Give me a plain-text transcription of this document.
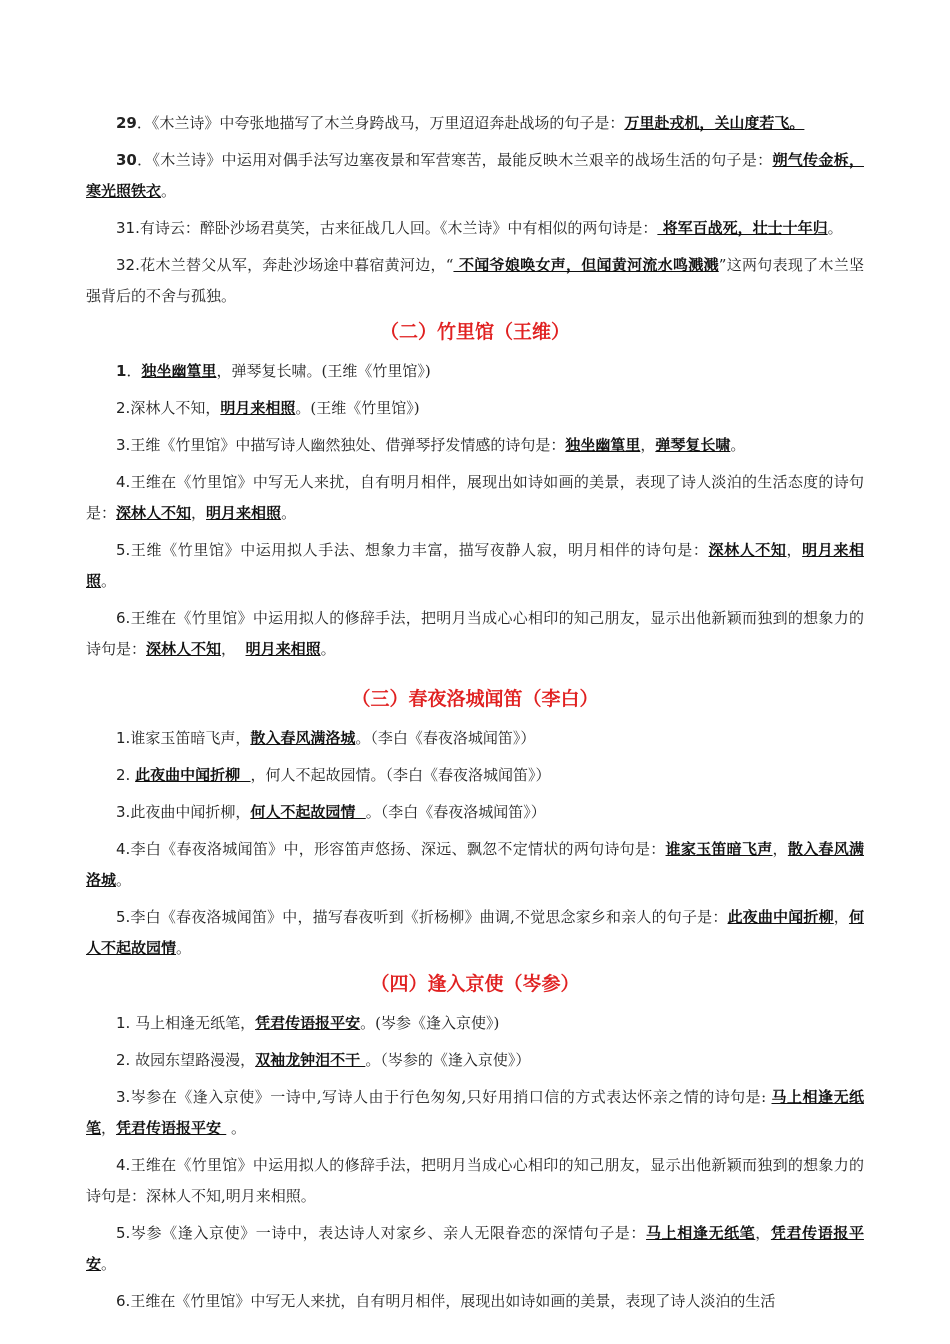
29．《木兰诗》中夸张地描写了木兰身跨战马，万里迢迢奔赴战场的句子是：万里赴戎机，关山度若飞。

30．《木兰诗》中运用对偶手法写边塞夜景和军营寒苦，最能反映木兰艰辛的战场生活的句子是：朔气传金柝，寒光照铁衣。

31.有诗云：醉卧沙场君莫笑，古来征战几人回。《木兰诗》中有相似的两句诗是： 将军百战死，壮士十年归。

32.花木兰替父从军，奔赴沙场途中暮宿黄河边，“ 不闻爷娘唤女声，但闻黄河流水鸣溅溅”这两句表现了木兰坚强背后的不舍与孤独。

（二）竹里馆（王维）

1．独坐幽篁里，弹琴复长啸。(王维《竹里馆》)

2.深林人不知，明月来相照。(王维《竹里馆》)

3.王维《竹里馆》中描写诗人幽然独处、借弹琴抒发情感的诗句是：独坐幽篁里，弹琴复长啸。

4.王维在《竹里馆》中写无人来扰，自有明月相伴，展现出如诗如画的美景，表现了诗人淡泊的生活态度的诗句是：深林人不知，明月来相照。

5.王维《竹里馆》中运用拟人手法、想象力丰富，描写夜静人寂，明月相伴的诗句是：深林人不知，明月来相照。

6.王维在《竹里馆》中运用拟人的修辞手法，把明月当成心心相印的知己朋友，显示出他新颖而独到的想象力的诗句是：深林人不知，  明月来相照。

（三）春夜洛城闻笛（李白）

1.谁家玉笛暗飞声，散入春风满洛城。（李白《春夜洛城闻笛》）

2. 此夜曲中闻折柳  ，何人不起故园情。（李白《春夜洛城闻笛》）

3.此夜曲中闻折柳，何人不起故园情  。（李白《春夜洛城闻笛》）

4.李白《春夜洛城闻笛》中，形容笛声悠扬、深远、飘忽不定情状的两句诗句是：谁家玉笛暗飞声，散入春风满洛城。

5.李白《春夜洛城闻笛》中，描写春夜听到《折杨柳》曲调,不觉思念家乡和亲人的句子是：此夜曲中闻折柳，何人不起故园情。

（四）逢入京使（岑参）

1. 马上相逢无纸笔，凭君传语报平安。(岑参《逢入京使》)

2. 故园东望路漫漫，双袖龙钟泪不干 。（岑参的《逢入京使》）

3.岑参在《逢入京使》一诗中,写诗人由于行色匆匆,只好用捎口信的方式表达怀亲之情的诗句是: 马上相逢无纸笔，凭君传语报平安  。

4.王维在《竹里馆》中运用拟人的修辞手法，把明月当成心心相印的知己朋友，显示出他新颖而独到的想象力的诗句是：深林人不知,明月来相照。

5.岑参《逢入京使》一诗中，表达诗人对家乡、亲人无限眷恋的深情句子是：马上相逢无纸笔，凭君传语报平安。

6.王维在《竹里馆》中写无人来扰，自有明月相伴，展现出如诗如画的美景，表现了诗人淡泊的生活
